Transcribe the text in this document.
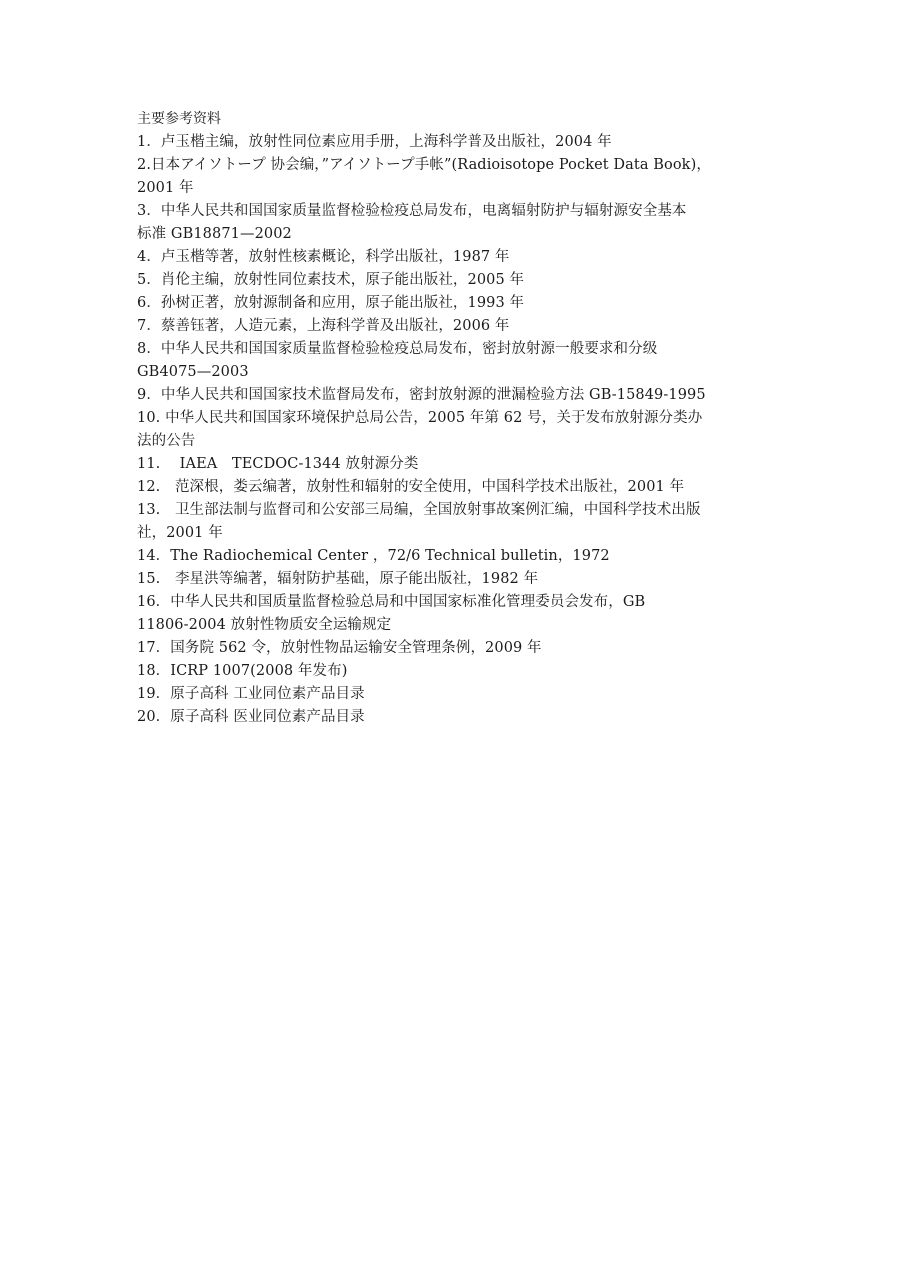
主要参考资料
1．卢玉楷主编，放射性同位素应用手册，上海科学普及出版社，2004 年
2.日本アイソトープ 协会编，”アイソトープ手帐”(Radioisotope Pocket Data Book)，
2001 年
3．中华人民共和国国家质量监督检验检疫总局发布，电离辐射防护与辐射源安全基本
标准 GB18871—2002
4．卢玉楷等著，放射性核素概论，科学出版社，1987 年
5．肖伦主编，放射性同位素技术，原子能出版社，2005 年
6．孙树正著，放射源制备和应用，原子能出版社，1993 年
7．蔡善钰著，人造元素，上海科学普及出版社，2006 年
8．中华人民共和国国家质量监督检验检疫总局发布，密封放射源一般要求和分级
GB4075—2003
9．中华人民共和国国家技术监督局发布，密封放射源的泄漏检验方法 GB-15849-1995
10. 中华人民共和国国家环境保护总局公告，2005 年第 62 号，关于发布放射源分类办
法的公告
11.　 IAEA　TECDOC-1344 放射源分类
12.　范深根，娄云编著，放射性和辐射的安全使用，中国科学技术出版社，2001 年
13.　卫生部法制与监督司和公安部三局编，全国放射事故案例汇编，中国科学技术出版
社，2001 年
14．The Radiochemical Center ，72/6 Technical bulletin，1972
15.　李星洪等编著，辐射防护基础，原子能出版社，1982 年
16．中华人民共和国质量监督检验总局和中国国家标准化管理委员会发布，GB
11806-2004 放射性物质安全运输规定
17．国务院 562 令，放射性物品运输安全管理条例，2009 年
18．ICRP 1007(2008 年发布)
19．原子高科 工业同位素产品目录
20．原子高科 医业同位素产品目录
